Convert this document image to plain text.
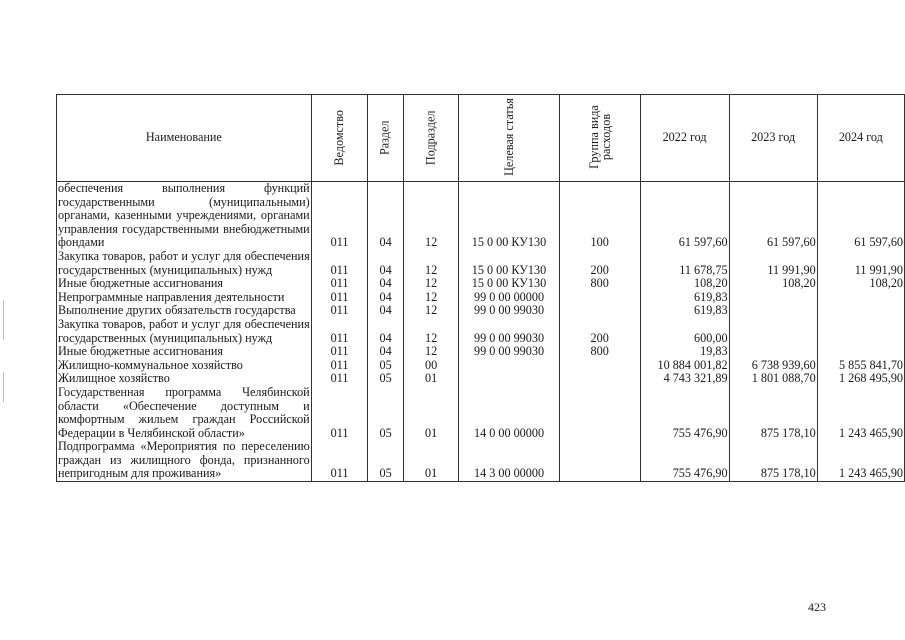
Наименование	Ведомство	Раздел	Подраздел	Целевая статья	Группа вида расходов	2022 год	2023 год	2024 год
обеспечения выполнения функций государственными (муниципальными) органами, казенными учреждениями, органами управления государственными внебюджетными фондами	011	04	12	15 0 00 КУ130	100	61 597,60	61 597,60	61 597,60
Закупка товаров, работ и услуг для обеспечения государственных (муниципальных) нужд	011	04	12	15 0 00 КУ130	200	11 678,75	11 991,90	11 991,90
Иные бюджетные ассигнования	011	04	12	15 0 00 КУ130	800	108,20	108,20	108,20
Непрограммные направления деятельности	011	04	12	99 0 00 00000		619,83		
Выполнение других обязательств государства	011	04	12	99 0 00 99030		619,83		
Закупка товаров, работ и услуг для обеспечения государственных (муниципальных) нужд	011	04	12	99 0 00 99030	200	600,00		
Иные бюджетные ассигнования	011	04	12	99 0 00 99030	800	19,83		
Жилищно-коммунальное хозяйство	011	05	00			10 884 001,82	6 738 939,60	5 855 841,70
Жилищное хозяйство	011	05	01			4 743 321,89	1 801 088,70	1 268 495,90
Государственная программа Челябинской области «Обеспечение доступным и комфортным жильем граждан Российской Федерации в Челябинской области»	011	05	01	14 0 00 00000		755 476,90	875 178,10	1 243 465,90
Подпрограмма «Мероприятия по переселению граждан из жилищного фонда, признанного непригодным для проживания»	011	05	01	14 3 00 00000		755 476,90	875 178,10	1 243 465,90
423
